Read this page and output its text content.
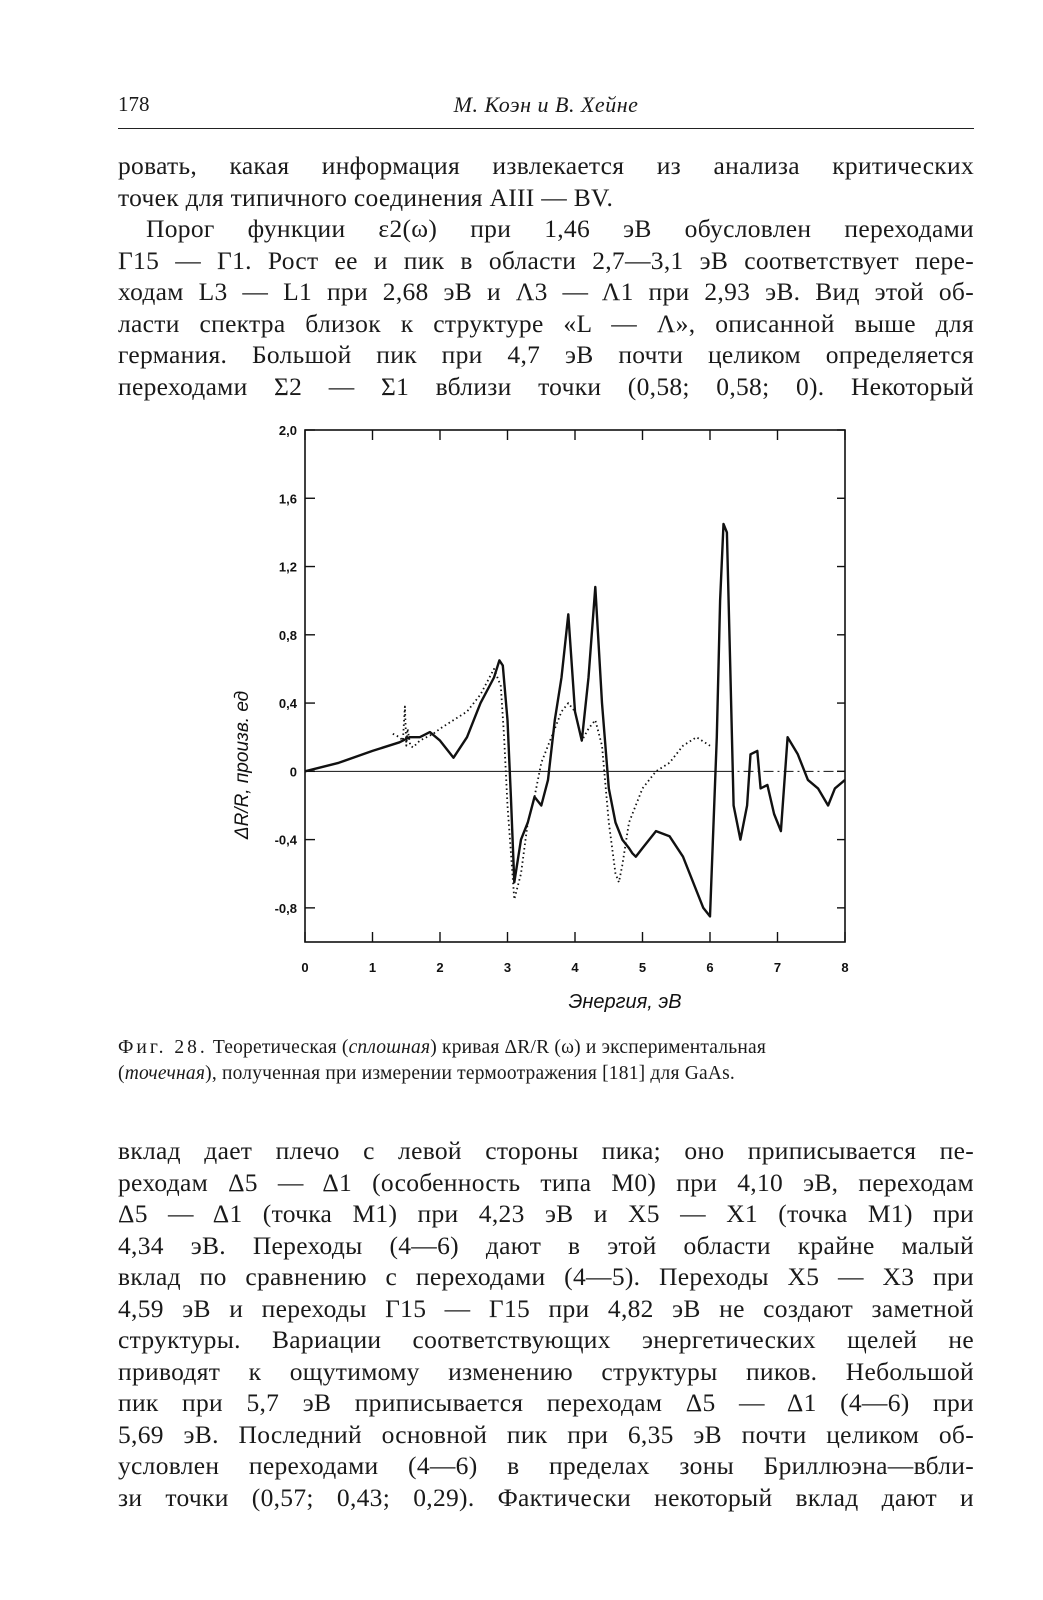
178	М. Коэн и В. Хейне
ровать, какая информация извлекается из анализа критических
точек для типичного соединения AIII — BV.
Порог функции ε2(ω) при 1,46 эВ обусловлен переходами
Γ15 — Γ1. Рост ее и пик в области 2,7—3,1 эВ соответствует пере-
ходам L3 — L1 при 2,68 эВ и Λ3 — Λ1 при 2,93 эВ. Вид этой об-
ласти спектра близок к структуре «L — Λ», описанной выше для
германия. Большой пик при 4,7 эВ почти целиком определяется
переходами Σ2 — Σ1 вблизи точки (0,58; 0,58; 0). Некоторый
0	1	2	3	4	5	6	7	8
2,0
1,6
1,2
0,8
0,4
0
-0,4
-0,8
ΔR/R, произв. ед
Энергия, эВ
Фиг. 28. Теоретическая (сплошная) кривая ΔR/R (ω) и экспериментальная
(точечная), полученная при измерении термоотражения [181] для GaAs.
вклад дает плечо с левой стороны пика; оно приписывается пе-
реходам Δ5 — Δ1 (особенность типа M0) при 4,10 эВ, переходам
Δ5 — Δ1 (точка M1) при 4,23 эВ и X5 — X1 (точка M1) при
4,34 эВ. Переходы (4—6) дают в этой области крайне малый
вклад по сравнению с переходами (4—5). Переходы X5 — X3 при
4,59 эВ и переходы Γ15 — Γ15 при 4,82 эВ не создают заметной
структуры. Вариации соответствующих энергетических щелей не
приводят к ощутимому изменению структуры пиков. Небольшой
пик при 5,7 эВ приписывается переходам Δ5 — Δ1 (4—6) при
5,69 эВ. Последний основной пик при 6,35 эВ почти целиком об-
условлен переходами (4—6) в пределах зоны Бриллюэна—вбли-
зи точки (0,57; 0,43; 0,29). Фактически некоторый вклад дают и
